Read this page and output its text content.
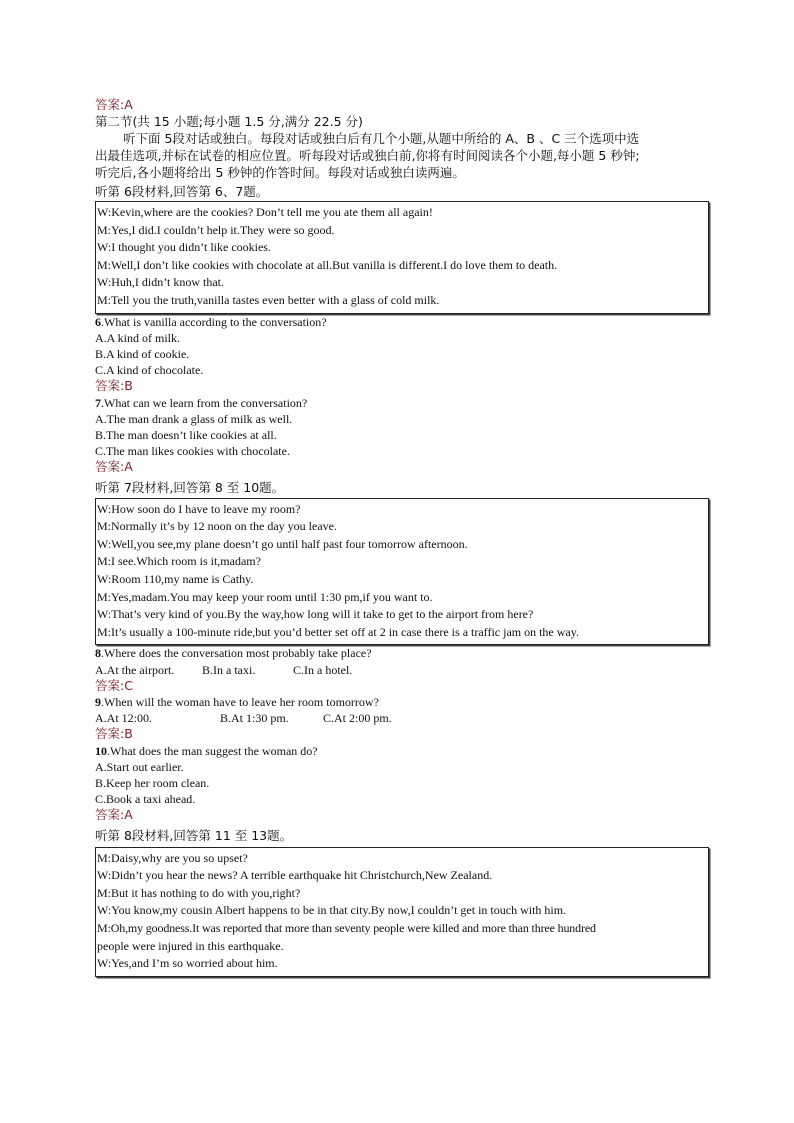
答案:A
第二节(共 15 小题;每小题 1.5 分,满分 22.5 分)
听下面 5段对话或独白。每段对话或独白后有几个小题,从题中所给的 A、B 、C 三个选项中选
出最佳选项,并标在试卷的相应位置。听每段对话或独白前,你将有时间阅读各个小题,每小题 5 秒钟;
听完后,各小题将给出 5 秒钟的作答时间。每段对话或独白读两遍。
听第 6段材料,回答第 6、7题。
W:Kevin,where are the cookies? Don’t tell me you ate them all again!
M:Yes,I did.I couldn’t help it.They were so good.
W:I thought you didn’t like cookies.
M:Well,I don’t like cookies with chocolate at all.But vanilla is different.I do love them to death.
W:Huh,I didn’t know that.
M:Tell you the truth,vanilla tastes even better with a glass of cold milk.
6.What is vanilla according to the conversation?
A.A kind of milk.
B.A kind of cookie.
C.A kind of chocolate.
答案:B
7.What can we learn from the conversation?
A.The man drank a glass of milk as well.
B.The man doesn’t like cookies at all.
C.The man likes cookies with chocolate.
答案:A
听第 7段材料,回答第 8 至 10题。
W:How soon do I have to leave my room?
M:Normally it’s by 12 noon on the day you leave.
W:Well,you see,my plane doesn’t go until half past four tomorrow afternoon.
M:I see.Which room is it,madam?
W:Room 110,my name is Cathy.
M:Yes,madam.You may keep your room until 1:30 pm,if you want to.
W:That’s very kind of you.By the way,how long will it take to get to the airport from here?
M:It’s usually a 100-minute ride,but you’d better set off at 2 in case there is a traffic jam on the way.
8.Where does the conversation most probably take place?
A.At the airport. B.In a taxi.	C.In a hotel.
答案:C
9.When will the woman have to leave her room tomorrow?
A.At 12:00.	B.At 1:30 pm.	C.At 2:00 pm.
答案:B
10.What does the man suggest the woman do?
A.Start out earlier.
B.Keep her room clean.
C.Book a taxi ahead.
答案:A
听第 8段材料,回答第 11 至 13题。
M:Daisy,why are you so upset?
W:Didn’t you hear the news? A terrible earthquake hit Christchurch,New Zealand.
M:But it has nothing to do with you,right?
W:You know,my cousin Albert happens to be in that city.By now,I couldn’t get in touch with him.
M:Oh,my goodness.It was reported that more than seventy people were killed and more than three hundred
people were injured in this earthquake.
W:Yes,and I’m so worried about him.
